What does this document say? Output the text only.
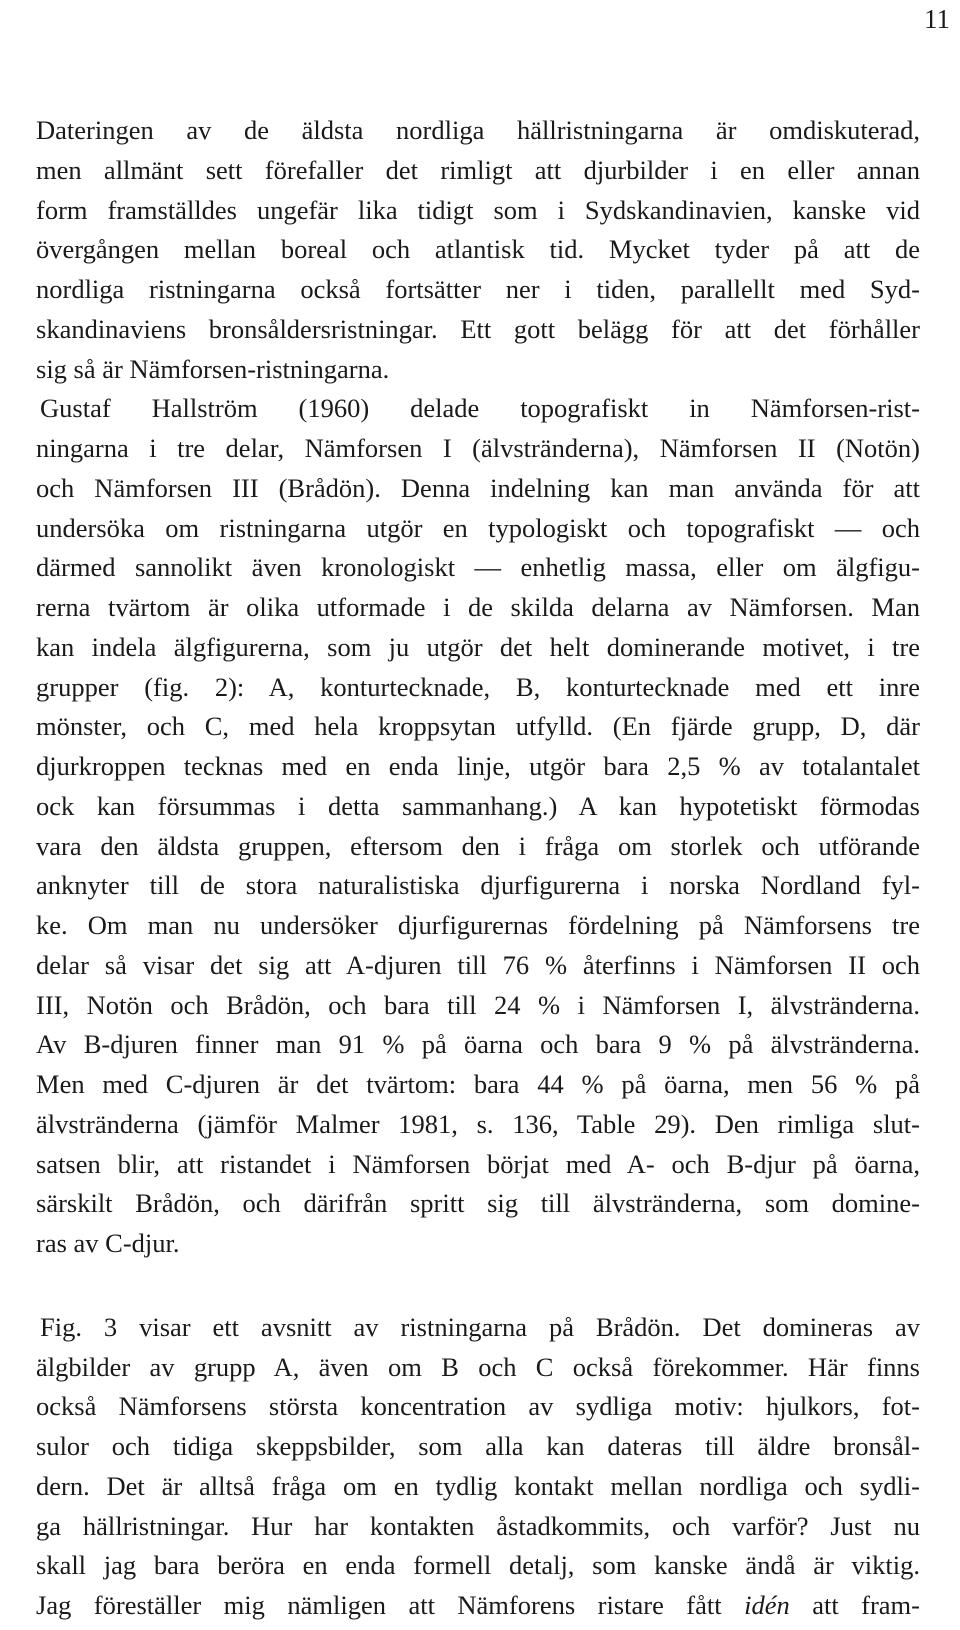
11
Dateringen av de äldsta nordliga hällristningarna är omdiskuterad,
men allmänt sett förefaller det rimligt att djurbilder i en eller annan
form framställdes ungefär lika tidigt som i Sydskandinavien, kanske vid
övergången mellan boreal och atlantisk tid. Mycket tyder på att de
nordliga ristningarna också fortsätter ner i tiden, parallellt med Syd-
skandinaviens bronsåldersristningar. Ett gott belägg för att det förhåller
sig så är Nämforsen-ristningarna.
Gustaf Hallström (1960) delade topografiskt in Nämforsen-rist-
ningarna i tre delar, Nämforsen I (älvstränderna), Nämforsen II (Notön)
och Nämforsen III (Brådön). Denna indelning kan man använda för att
undersöka om ristningarna utgör en typologiskt och topografiskt — och
därmed sannolikt även kronologiskt — enhetlig massa, eller om älgfigu-
rerna tvärtom är olika utformade i de skilda delarna av Nämforsen. Man
kan indela älgfigurerna, som ju utgör det helt dominerande motivet, i tre
grupper (fig. 2): A, konturtecknade, B, konturtecknade med ett inre
mönster, och C, med hela kroppsytan utfylld. (En fjärde grupp, D, där
djurkroppen tecknas med en enda linje, utgör bara 2,5 % av totalantalet
ock kan försummas i detta sammanhang.) A kan hypotetiskt förmodas
vara den äldsta gruppen, eftersom den i fråga om storlek och utförande
anknyter till de stora naturalistiska djurfigurerna i norska Nordland fyl-
ke. Om man nu undersöker djurfigurernas fördelning på Nämforsens tre
delar så visar det sig att A-djuren till 76 % återfinns i Nämforsen II och
III, Notön och Brådön, och bara till 24 % i Nämforsen I, älvstränderna.
Av B-djuren finner man 91 % på öarna och bara 9 % på älvstränderna.
Men med C-djuren är det tvärtom: bara 44 % på öarna, men 56 % på
älvstränderna (jämför Malmer 1981, s. 136, Table 29). Den rimliga slut-
satsen blir, att ristandet i Nämforsen börjat med A- och B-djur på öarna,
särskilt Brådön, och därifrån spritt sig till älvstränderna, som domine-
ras av C-djur.
Fig. 3 visar ett avsnitt av ristningarna på Brådön. Det domineras av
älgbilder av grupp A, även om B och C också förekommer. Här finns
också Nämforsens största koncentration av sydliga motiv: hjulkors, fot-
sulor och tidiga skeppsbilder, som alla kan dateras till äldre bronsål-
dern. Det är alltså fråga om en tydlig kontakt mellan nordliga och sydli-
ga hällristningar. Hur har kontakten åstadkommits, och varför? Just nu
skall jag bara beröra en enda formell detalj, som kanske ändå är viktig.
Jag föreställer mig nämligen att Nämforens ristare fått idén att fram-
